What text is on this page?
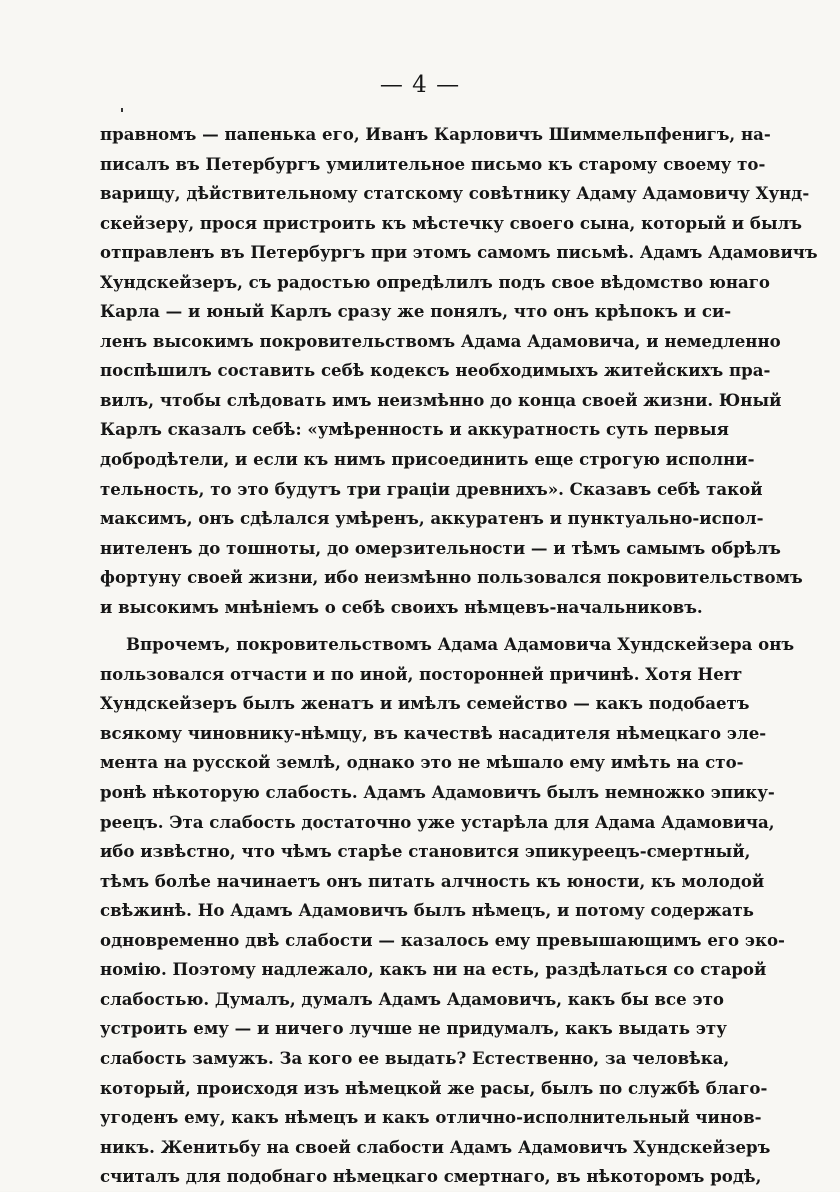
— 4 —
правномъ — папенька его, Иванъ Карловичъ Шиммельпфенигъ, на-
писалъ въ Петербургъ умилительное письмо къ старому своему то-
варищу, дѣйствительному статскому совѣтнику Адаму Адамовичу Хунд-
скейзеру, прося пристроить къ мѣстечку своего сына, который и былъ
отправленъ въ Петербургъ при этомъ самомъ письмѣ. Адамъ Адамовичъ
Хундскейзеръ, съ радостью опредѣлилъ подъ свое вѣдомство юнаго
Карла — и юный Карлъ сразу же понялъ, что онъ крѣпокъ и си-
ленъ высокимъ покровительствомъ Адама Адамовича, и немедленно
поспѣшилъ составить себѣ кодексъ необходимыхъ житейскихъ пра-
вилъ, чтобы слѣдовать имъ неизмѣнно до конца своей жизни. Юный
Карлъ сказалъ себѣ: «умѣренность и аккуратность суть первыя
добродѣтели, и если къ нимъ присоединить еще строгую исполни-
тельность, то это будутъ три граціи древнихъ». Сказавъ себѣ такой
максимъ, онъ сдѣлался умѣренъ, аккуратенъ и пунктуально-испол-
нителенъ до тошноты, до омерзительности — и тѣмъ самымъ обрѣлъ
фортуну своей жизни, ибо неизмѣнно пользовался покровительствомъ
и высокимъ мнѣніемъ о себѣ своихъ нѣмцевъ-начальниковъ.
Впрочемъ, покровительствомъ Адама Адамовича Хундскейзера онъ
пользовался отчасти и по иной, посторонней причинѣ. Хотя Herr
Хундскейзеръ былъ женатъ и имѣлъ семейство — какъ подобаетъ
всякому чиновнику-нѣмцу, въ качествѣ насадителя нѣмецкаго эле-
мента на русской землѣ, однако это не мѣшало ему имѣть на сто-
ронѣ нѣкоторую слабость. Адамъ Адамовичъ былъ немножко эпику-
реецъ. Эта слабость достаточно уже устарѣла для Адама Адамовича,
ибо извѣстно, что чѣмъ старѣе становится эпикуреецъ-смертный,
тѣмъ болѣе начинаетъ онъ питать алчность къ юности, къ молодой
свѣжинѣ. Но Адамъ Адамовичъ былъ нѣмецъ, и потому содержать
одновременно двѣ слабости — казалось ему превышающимъ его эко-
номію. Поэтому надлежало, какъ ни на есть, раздѣлаться со старой
слабостью. Думалъ, думалъ Адамъ Адамовичъ, какъ бы все это
устроить ему — и ничего лучше не придумалъ, какъ выдать эту
слабость замужъ. За кого ее выдать? Естественно, за человѣка,
который, происходя изъ нѣмецкой же расы, былъ по службѣ благо-
угоденъ ему, какъ нѣмецъ и какъ отлично-исполнительный чинов-
никъ. Женитьбу на своей слабости Адамъ Адамовичъ Хундскейзеръ
считалъ для подобнаго нѣмецкаго смертнаго, въ нѣкоторомъ родѣ,
